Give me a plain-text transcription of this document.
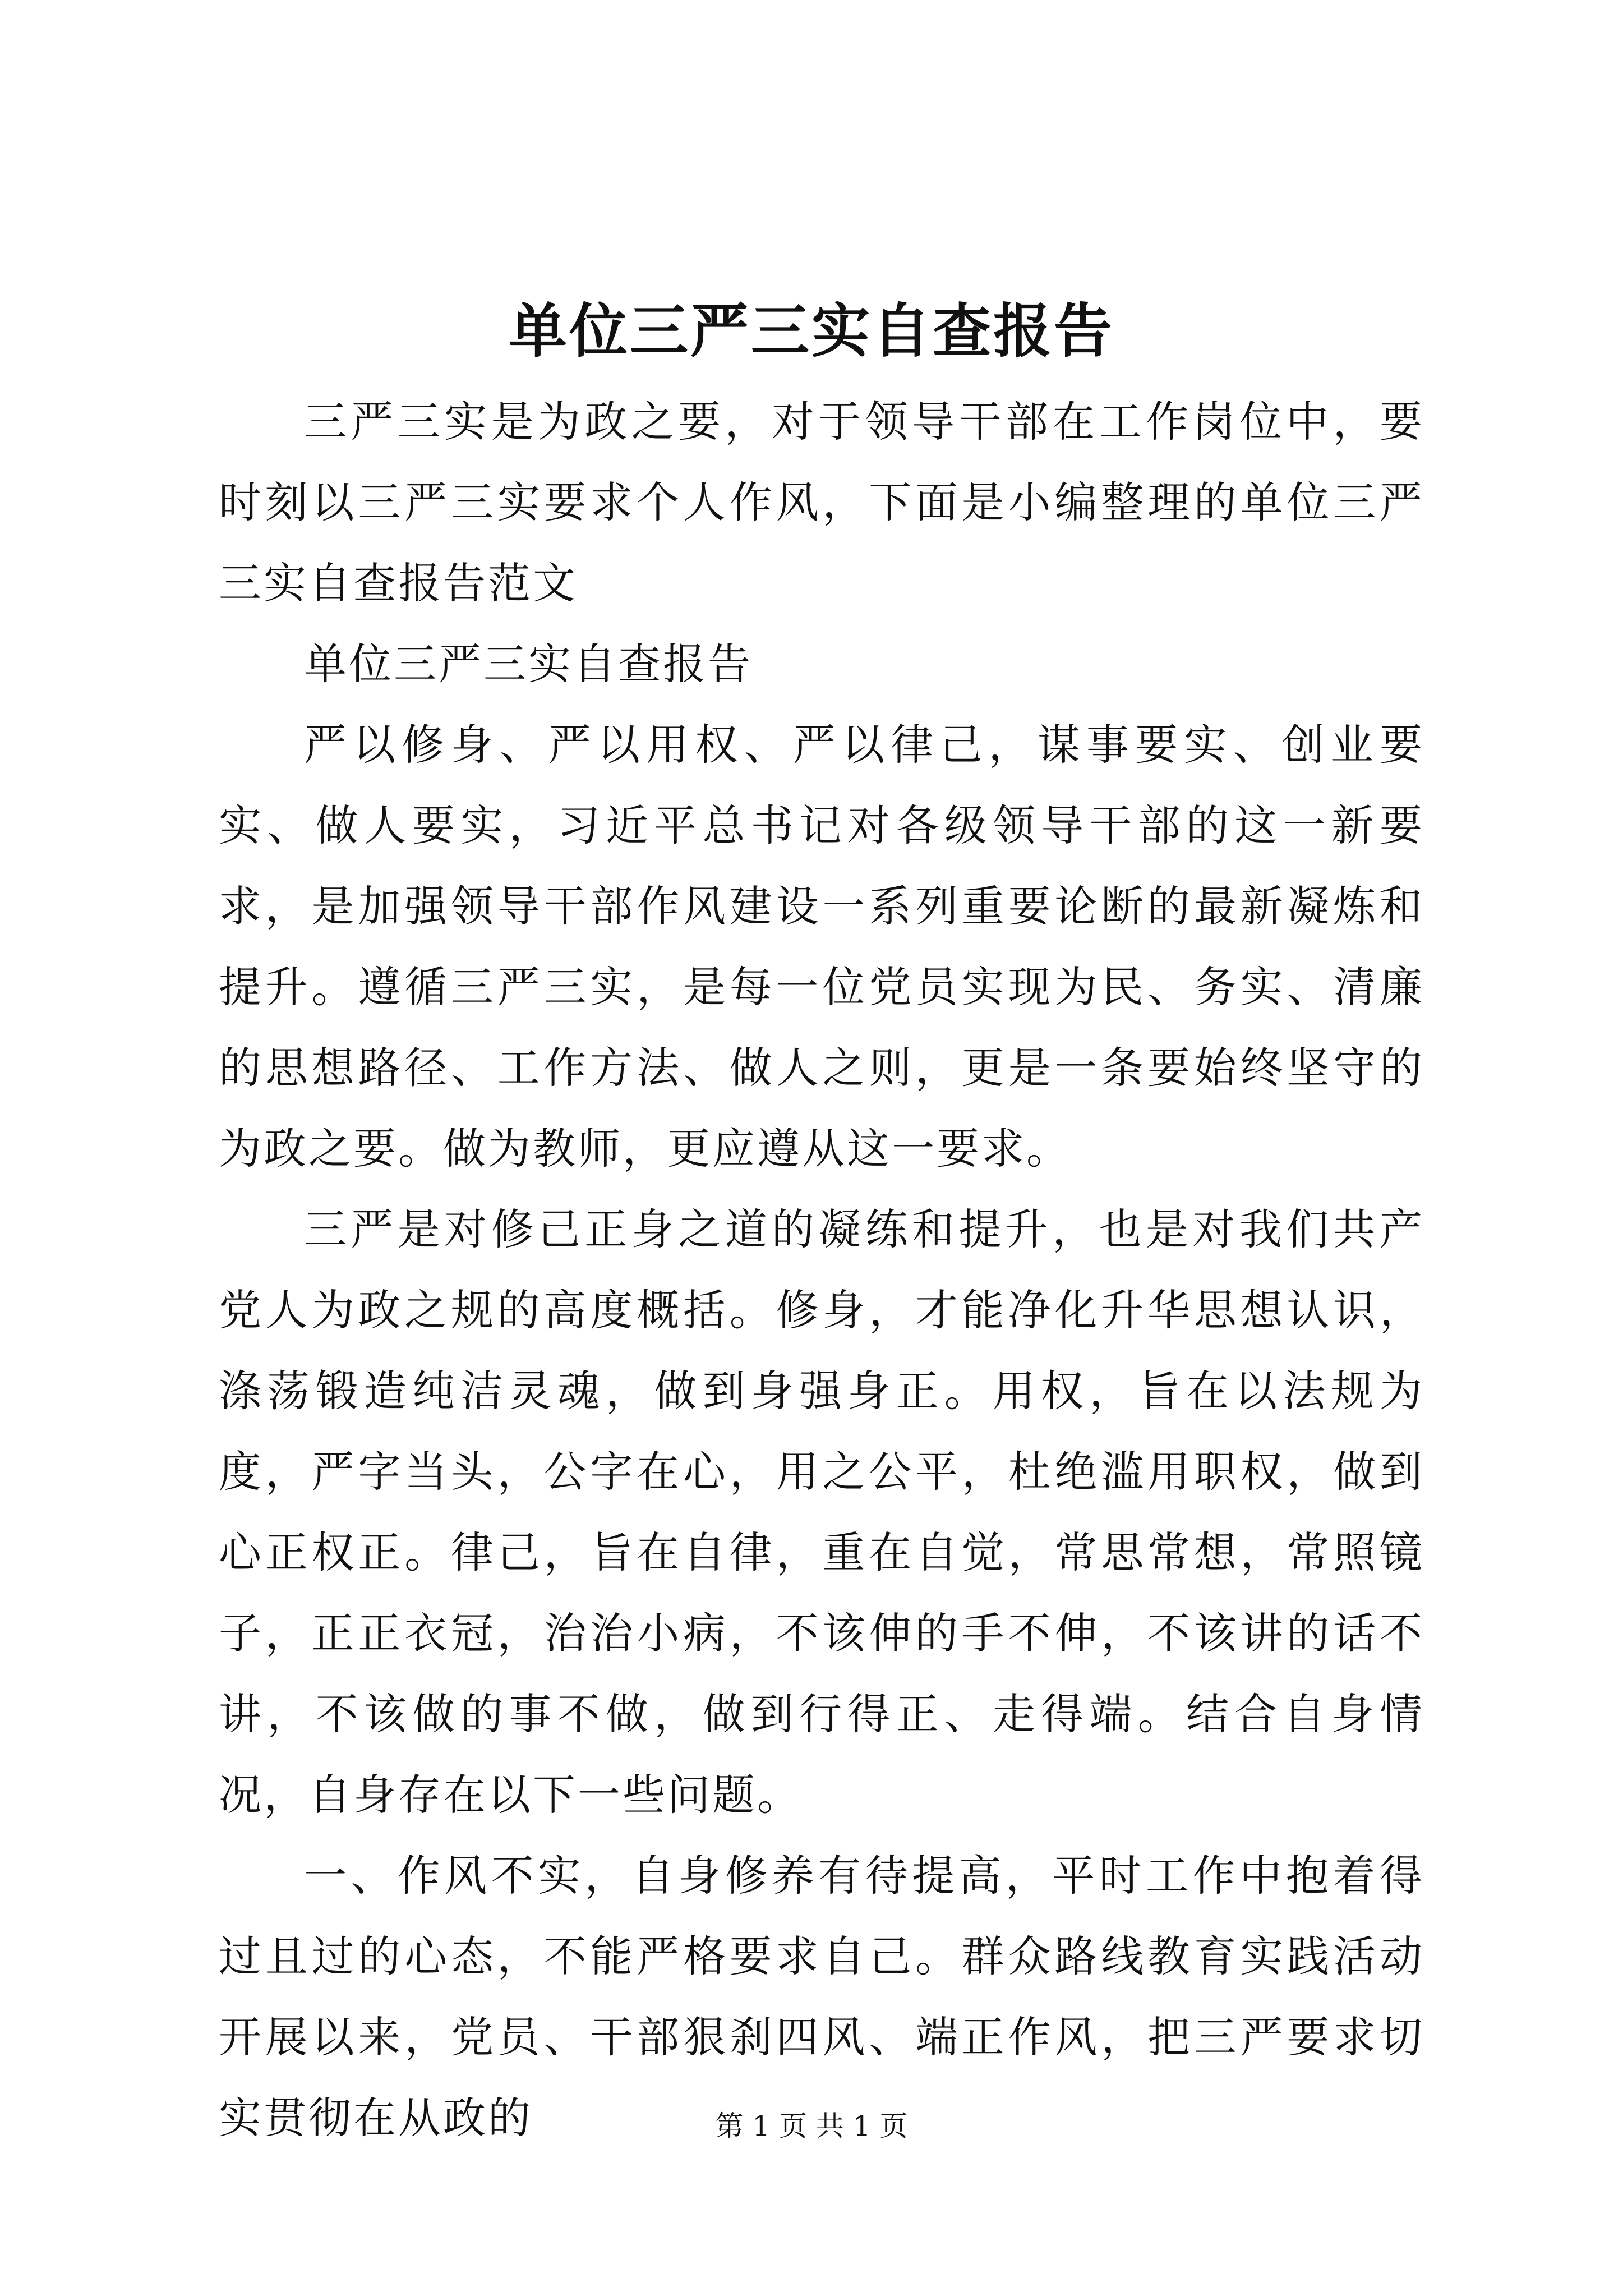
单位三严三实自查报告

三严三实是为政之要，对于领导干部在工作岗位中，要时刻以三严三实要求个人作风，下面是小编整理的单位三严三实自查报告范文

单位三严三实自查报告

严以修身、严以用权、严以律己，谋事要实、创业要实、做人要实，习近平总书记对各级领导干部的这一新要求，是加强领导干部作风建设一系列重要论断的最新凝炼和提升。遵循三严三实，是每一位党员实现为民、务实、清廉的思想路径、工作方法、做人之则，更是一条要始终坚守的为政之要。做为教师，更应遵从这一要求。

三严是对修己正身之道的凝练和提升，也是对我们共产党人为政之规的高度概括。修身，才能净化升华思想认识，涤荡锻造纯洁灵魂，做到身强身正。用权，旨在以法规为度，严字当头，公字在心，用之公平，杜绝滥用职权，做到心正权正。律己，旨在自律，重在自觉，常思常想，常照镜子，正正衣冠，治治小病，不该伸的手不伸，不该讲的话不讲，不该做的事不做，做到行得正、走得端。结合自身情况，自身存在以下一些问题。

一、作风不实，自身修养有待提高，平时工作中抱着得过且过的心态，不能严格要求自己。群众路线教育实践活动开展以来，党员、干部狠刹四风、端正作风，把三严要求切实贯彻在从政的	第 1 页 共 1 页
